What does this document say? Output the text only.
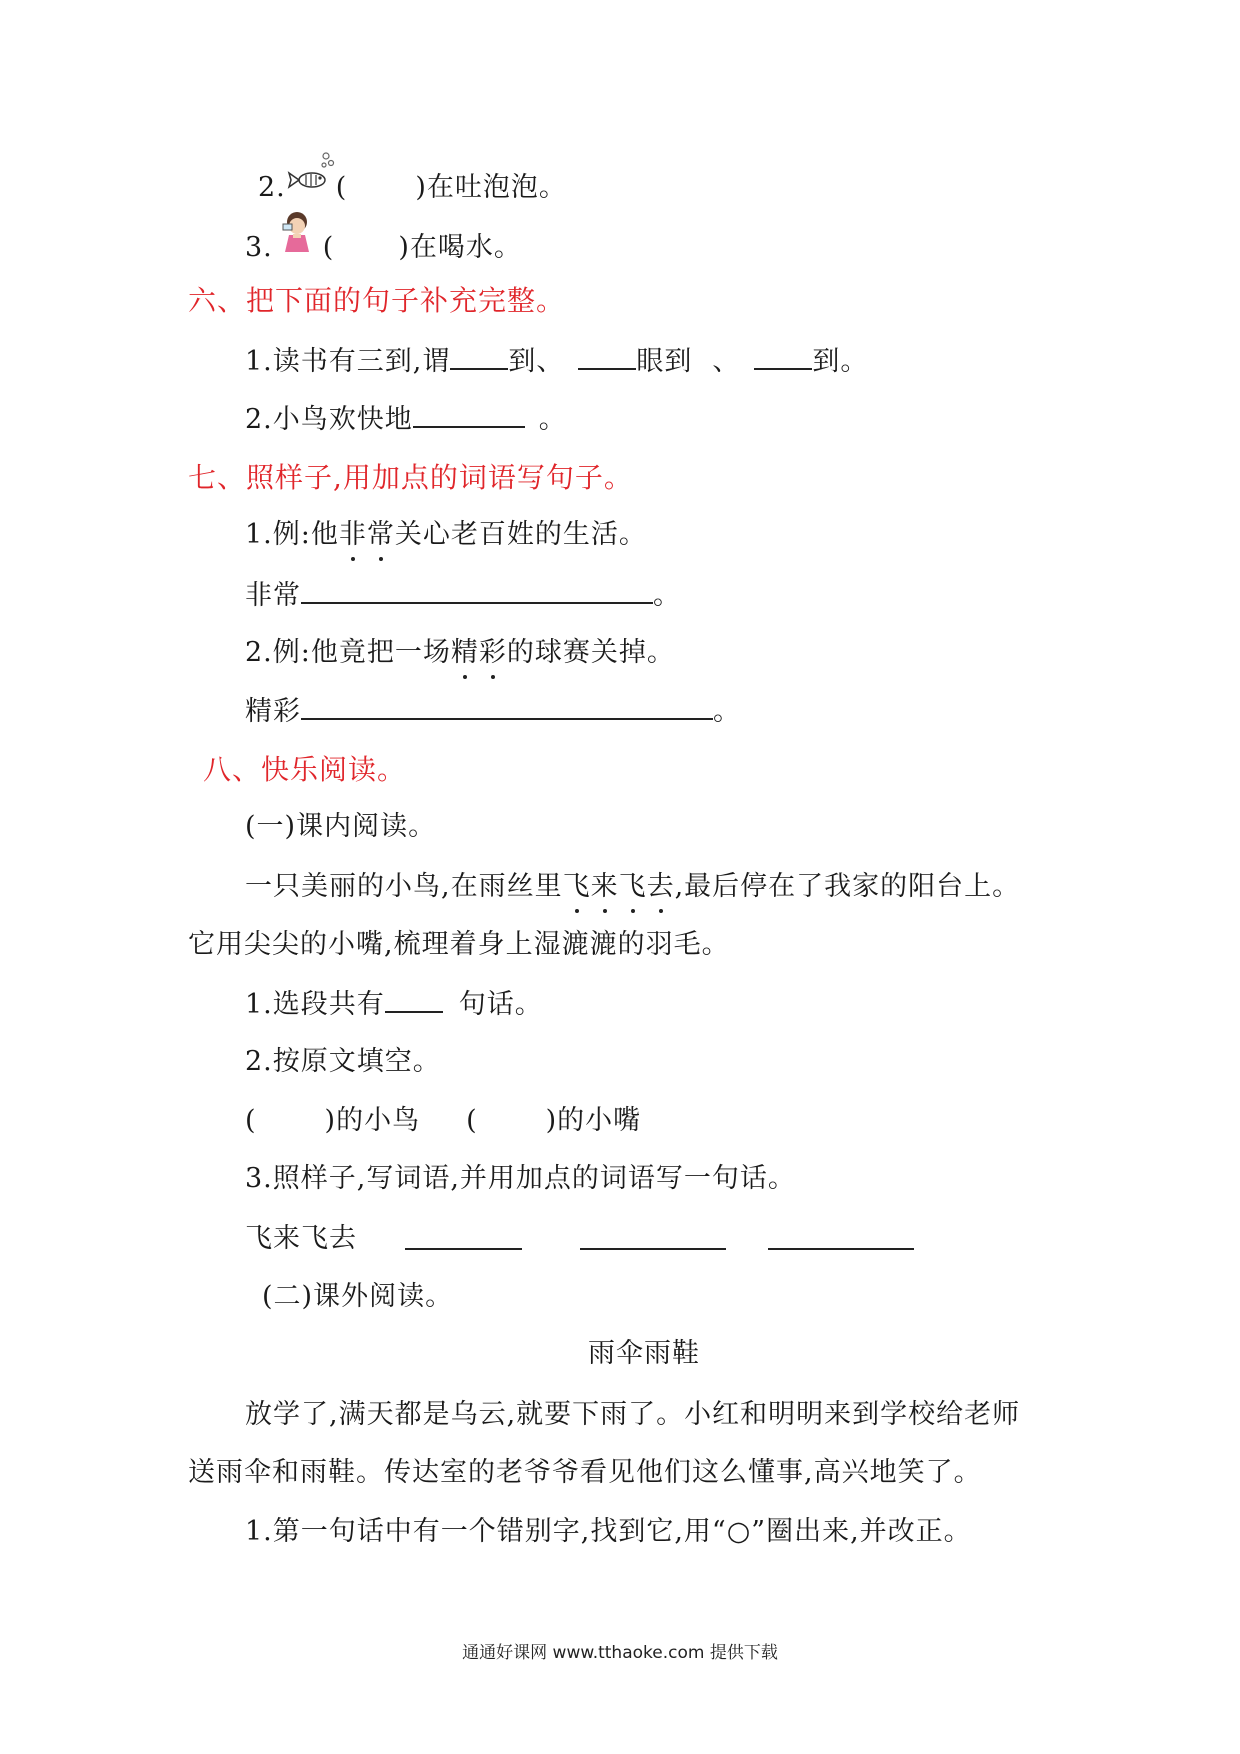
2. (	)在吐泡泡。
3. ( )在喝水。
六、把下面的句子补充完整。
1.读书有三到,谓 到、	眼到 、	到。
2.小鸟欢快地	。
七、照样子,用加点的词语写句子。
1.例:他非常关心老百姓的生活。
非常	。
2.例:他竟把一场精彩的球赛关掉。
精彩	。
八、快乐阅读。
(一)课内阅读。
一只美丽的小鸟,在雨丝里飞来飞去,最后停在了我家的阳台上。
它用尖尖的小嘴,梳理着身上湿漉漉的羽毛。
1.选段共有	句话。
2.按原文填空。
(	)的小鸟 (	)的小嘴
3.照样子,写词语,并用加点的词语写一句话。
飞来飞去
(二)课外阅读。
雨伞雨鞋
放学了,满天都是乌云,就要下雨了。小红和明明来到学校给老师
送雨伞和雨鞋。传达室的老爷爷看见他们这么懂事,高兴地笑了。
1.第一句话中有一个错别字,找到它,用“○”圈出来,并改正。
通通好课网 www.tthaoke.com 提供下载
